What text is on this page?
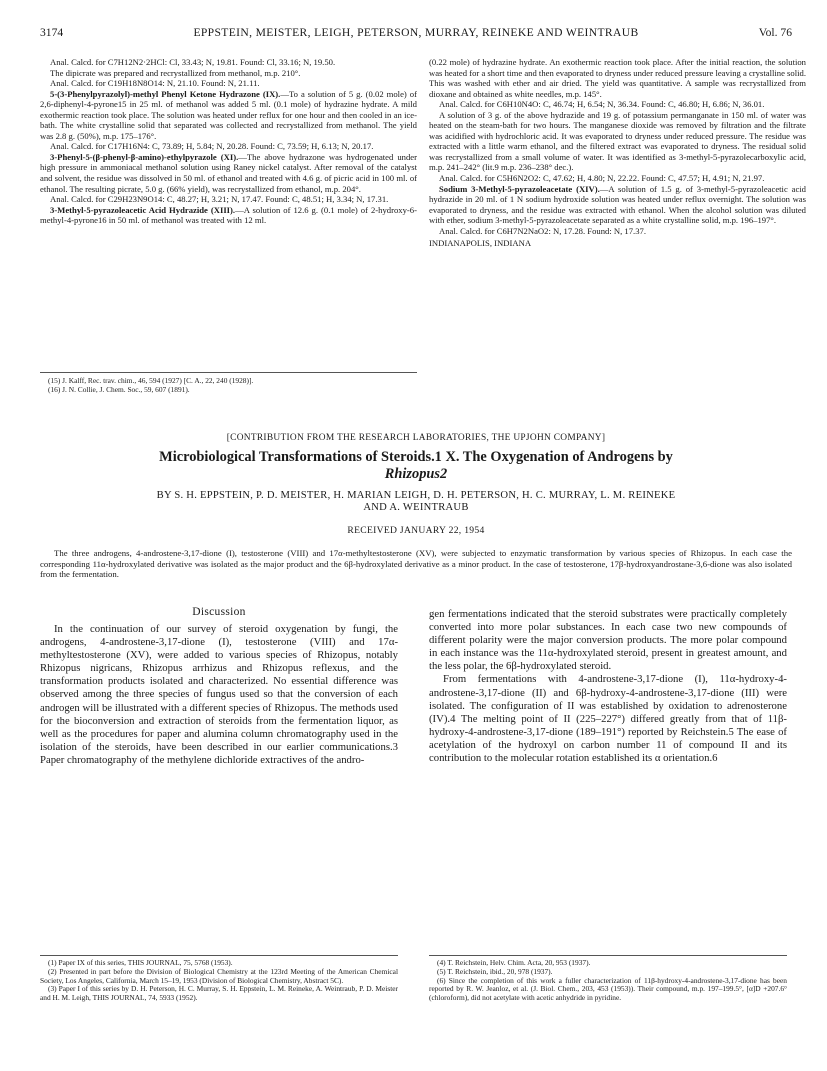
3174	EPPSTEIN, MEISTER, LEIGH, PETERSON, MURRAY, REINEKE AND WEINTRAUB	Vol. 76

Anal. Calcd. for C7H12N2·2HCl: Cl, 33.43; N, 19.81. Found: Cl, 33.16; N, 19.50.

The dipicrate was prepared and recrystallized from methanol, m.p. 210°.

Anal. Calcd. for C19H18N8O14: N, 21.10. Found: N, 21.11.

5-(3-Phenylpyrazolyl)-methyl Phenyl Ketone Hydrazone (IX).—To a solution of 5 g. (0.02 mole) of 2,6-diphenyl-4-pyrone15 in 25 ml. of methanol was added 5 ml. (0.1 mole) of hydrazine hydrate. A mild exothermic reaction took place. The solution was heated under reflux for one hour and then cooled in an ice-bath. The white crystalline solid that separated was collected and recrystallized from methanol. The yield was 2.8 g. (50%), m.p. 175–176°.

Anal. Calcd. for C17H16N4: C, 73.89; H, 5.84; N, 20.28. Found: C, 73.59; H, 6.13; N, 20.17.

3-Phenyl-5-(β-phenyl-β-amino)-ethylpyrazole (XI).—The above hydrazone was hydrogenated under high pressure in ammoniacal methanol solution using Raney nickel catalyst. After removal of the catalyst and solvent, the residue was dissolved in 50 ml. of ethanol and treated with 4.6 g. of picric acid in 100 ml. of ethanol. The resulting picrate, 5.0 g. (66% yield), was recrystallized from ethanol, m.p. 204°.

Anal. Calcd. for C29H23N9O14: C, 48.27; H, 3.21; N, 17.47. Found: C, 48.51; H, 3.34; N, 17.31.

3-Methyl-5-pyrazoleacetic Acid Hydrazide (XIII).—A solution of 12.6 g. (0.1 mole) of 2-hydroxy-6-methyl-4-pyrone16 in 50 ml. of methanol was treated with 12 ml.

(15) J. Kalff, Rec. trav. chim., 46, 594 (1927) [C. A., 22, 240 (1928)].
(16) J. N. Collie, J. Chem. Soc., 59, 607 (1891).

(0.22 mole) of hydrazine hydrate. An exothermic reaction took place. After the initial reaction, the solution was heated for a short time and then evaporated to dryness under reduced pressure leaving a crystalline solid. This was washed with ether and air dried. The yield was quantitative. A sample was recrystallized from dioxane and obtained as white needles, m.p. 145°.

Anal. Calcd. for C6H10N4O: C, 46.74; H, 6.54; N, 36.34. Found: C, 46.80; H, 6.86; N, 36.01.

A solution of 3 g. of the above hydrazide and 19 g. of potassium permanganate in 150 ml. of water was heated on the steam-bath for two hours. The manganese dioxide was removed by filtration and the filtrate was acidified with hydrochloric acid. It was evaporated to dryness under reduced pressure. The residue was extracted with a little warm ethanol, and the filtered extract was evaporated to dryness. The residual solid was recrystallized from a small volume of water. It was identified as 3-methyl-5-pyrazolecarboxylic acid, m.p. 241–242° (lit.9 m.p. 236–238° dec.).

Anal. Calcd. for C5H6N2O2: C, 47.62; H, 4.80; N, 22.22. Found: C, 47.57; H, 4.91; N, 21.97.

Sodium 3-Methyl-5-pyrazoleacetate (XIV).—A solution of 1.5 g. of 3-methyl-5-pyrazoleacetic acid hydrazide in 20 ml. of 1 N sodium hydroxide solution was heated under reflux overnight. The solution was evaporated to dryness, and the residue was extracted with ethanol. When the alcohol solution was diluted with ether, sodium 3-methyl-5-pyrazoleacetate separated as a white crystalline solid, m.p. 196–197°.

Anal. Calcd. for C6H7N2NaO2: N, 17.28. Found: N, 17.37.

INDIANAPOLIS, INDIANA

[CONTRIBUTION FROM THE RESEARCH LABORATORIES, THE UPJOHN COMPANY]
Microbiological Transformations of Steroids.1 X. The Oxygenation of Androgens by
Rhizopus2
BY S. H. EPPSTEIN, P. D. MEISTER, H. MARIAN LEIGH, D. H. PETERSON, H. C. MURRAY, L. M. REINEKE
AND A. WEINTRAUB
RECEIVED JANUARY 22, 1954

The three androgens, 4-androstene-3,17-dione (I), testosterone (VIII) and 17α-methyltestosterone (XV), were subjected to enzymatic transformation by various species of Rhizopus. In each case the corresponding 11α-hydroxylated derivative was isolated as the major product and the 6β-hydroxylated derivative as a minor product. In the case of testosterone, 17β-hydroxyandrostane-3,6-dione was also isolated from the fermentation.

Discussion

In the continuation of our survey of steroid oxygenation by fungi, the androgens, 4-androstene-3,17-dione (I), testosterone (VIII) and 17α-methyltestosterone (XV), were added to various species of Rhizopus, notably Rhizopus nigricans, Rhizopus arrhizus and Rhizopus reflexus, and the transformation products isolated and characterized. No essential difference was observed among the three species of fungus used so that the conversion of each androgen will be illustrated with a different species of Rhizopus. The methods used for the bioconversion and extraction of steroids from the fermentation liquor, as well as the procedures for paper and alumina column chromatography used in the isolation of the steroids, have been described in our earlier communications.3 Paper chromatography of the methylene dichloride extractives of the andro-

gen fermentations indicated that the steroid substrates were practically completely converted into more polar substances. In each case two new compounds of different polarity were the major conversion products. The more polar compound in each instance was the 11α-hydroxylated steroid, present in greatest amount, and the less polar, the 6β-hydroxylated steroid.

From fermentations with 4-androstene-3,17-dione (I), 11α-hydroxy-4-androstene-3,17-dione (II) and 6β-hydroxy-4-androstene-3,17-dione (III) were isolated. The configuration of II was established by oxidation to adrenosterone (IV).4 The melting point of II (225–227°) differed greatly from that of 11β-hydroxy-4-androstene-3,17-dione (189–191°) reported by Reichstein.5 The ease of acetylation of the hydroxyl on carbon number 11 of compound II and its contribution to the molecular rotation established its α orientation.6

(1) Paper IX of this series, THIS JOURNAL, 75, 5768 (1953).

(2) Presented in part before the Division of Biological Chemistry at the 123rd Meeting of the American Chemical Society, Los Angeles, California, March 15–19, 1953 (Division of Biological Chemistry, Abstract 5C).

(3) Paper I of this series by D. H. Peterson, H. C. Murray, S. H. Eppstein, L. M. Reineke, A. Weintraub, P. D. Meister and H. M. Leigh, THIS JOURNAL, 74, 5933 (1952).

(4) T. Reichstein, Helv. Chim. Acta, 20, 953 (1937).

(5) T. Reichstein, ibid., 20, 978 (1937).

(6) Since the completion of this work a fuller characterization of 11β-hydroxy-4-androstene-3,17-dione has been reported by R. W. Jeanloz, et al. (J. Biol. Chem., 203, 453 (1953)). Their compound, m.p. 197–199.5°, [α]D +207.6° (chloroform), did not acetylate with acetic anhydride in pyridine.
